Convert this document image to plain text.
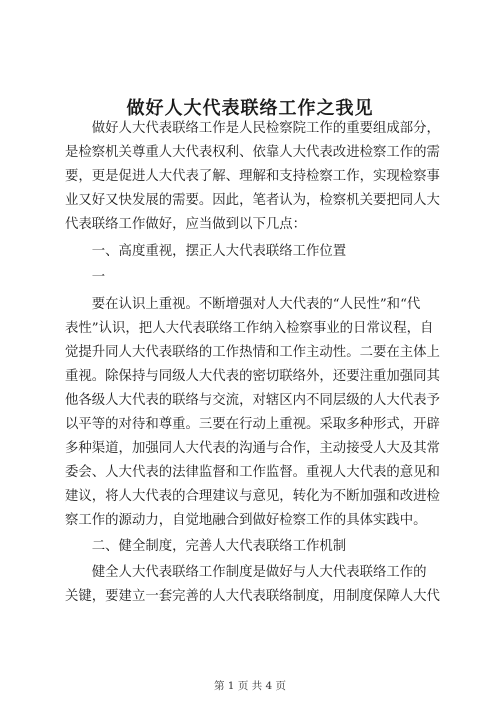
做好人大代表联络工作之我见

　　做好人大代表联络工作是人民检察院工作的重要组成部分，

是检察机关尊重人大代表权利、依靠人大代表改进检察工作的需

要，更是促进人大代表了解、理解和支持检察工作，实现检察事

业又好又快发展的需要。因此，笔者认为，检察机关要把同人大

代表联络工作做好，应当做到以下几点：

　　一、高度重视，摆正人大代表联络工作位置

　　一

　　要在认识上重视。不断增强对人大代表的“人民性”和“代

表性”认识，把人大代表联络工作纳入检察事业的日常议程，自

觉提升同人大代表联络的工作热情和工作主动性。二要在主体上

重视。除保持与同级人大代表的密切联络外，还要注重加强同其

他各级人大代表的联络与交流，对辖区内不同层级的人大代表予

以平等的对待和尊重。三要在行动上重视。采取多种形式，开辟

多种渠道，加强同人大代表的沟通与合作，主动接受人大及其常

委会、人大代表的法律监督和工作监督。重视人大代表的意见和

建议，将人大代表的合理建议与意见，转化为不断加强和改进检

察工作的源动力，自觉地融合到做好检察工作的具体实践中。

　　二、健全制度，完善人大代表联络工作机制

　　健全人大代表联络工作制度是做好与人大代表联络工作的

关键，要建立一套完善的人大代表联络制度，用制度保障人大代

第 1 页 共 4 页
